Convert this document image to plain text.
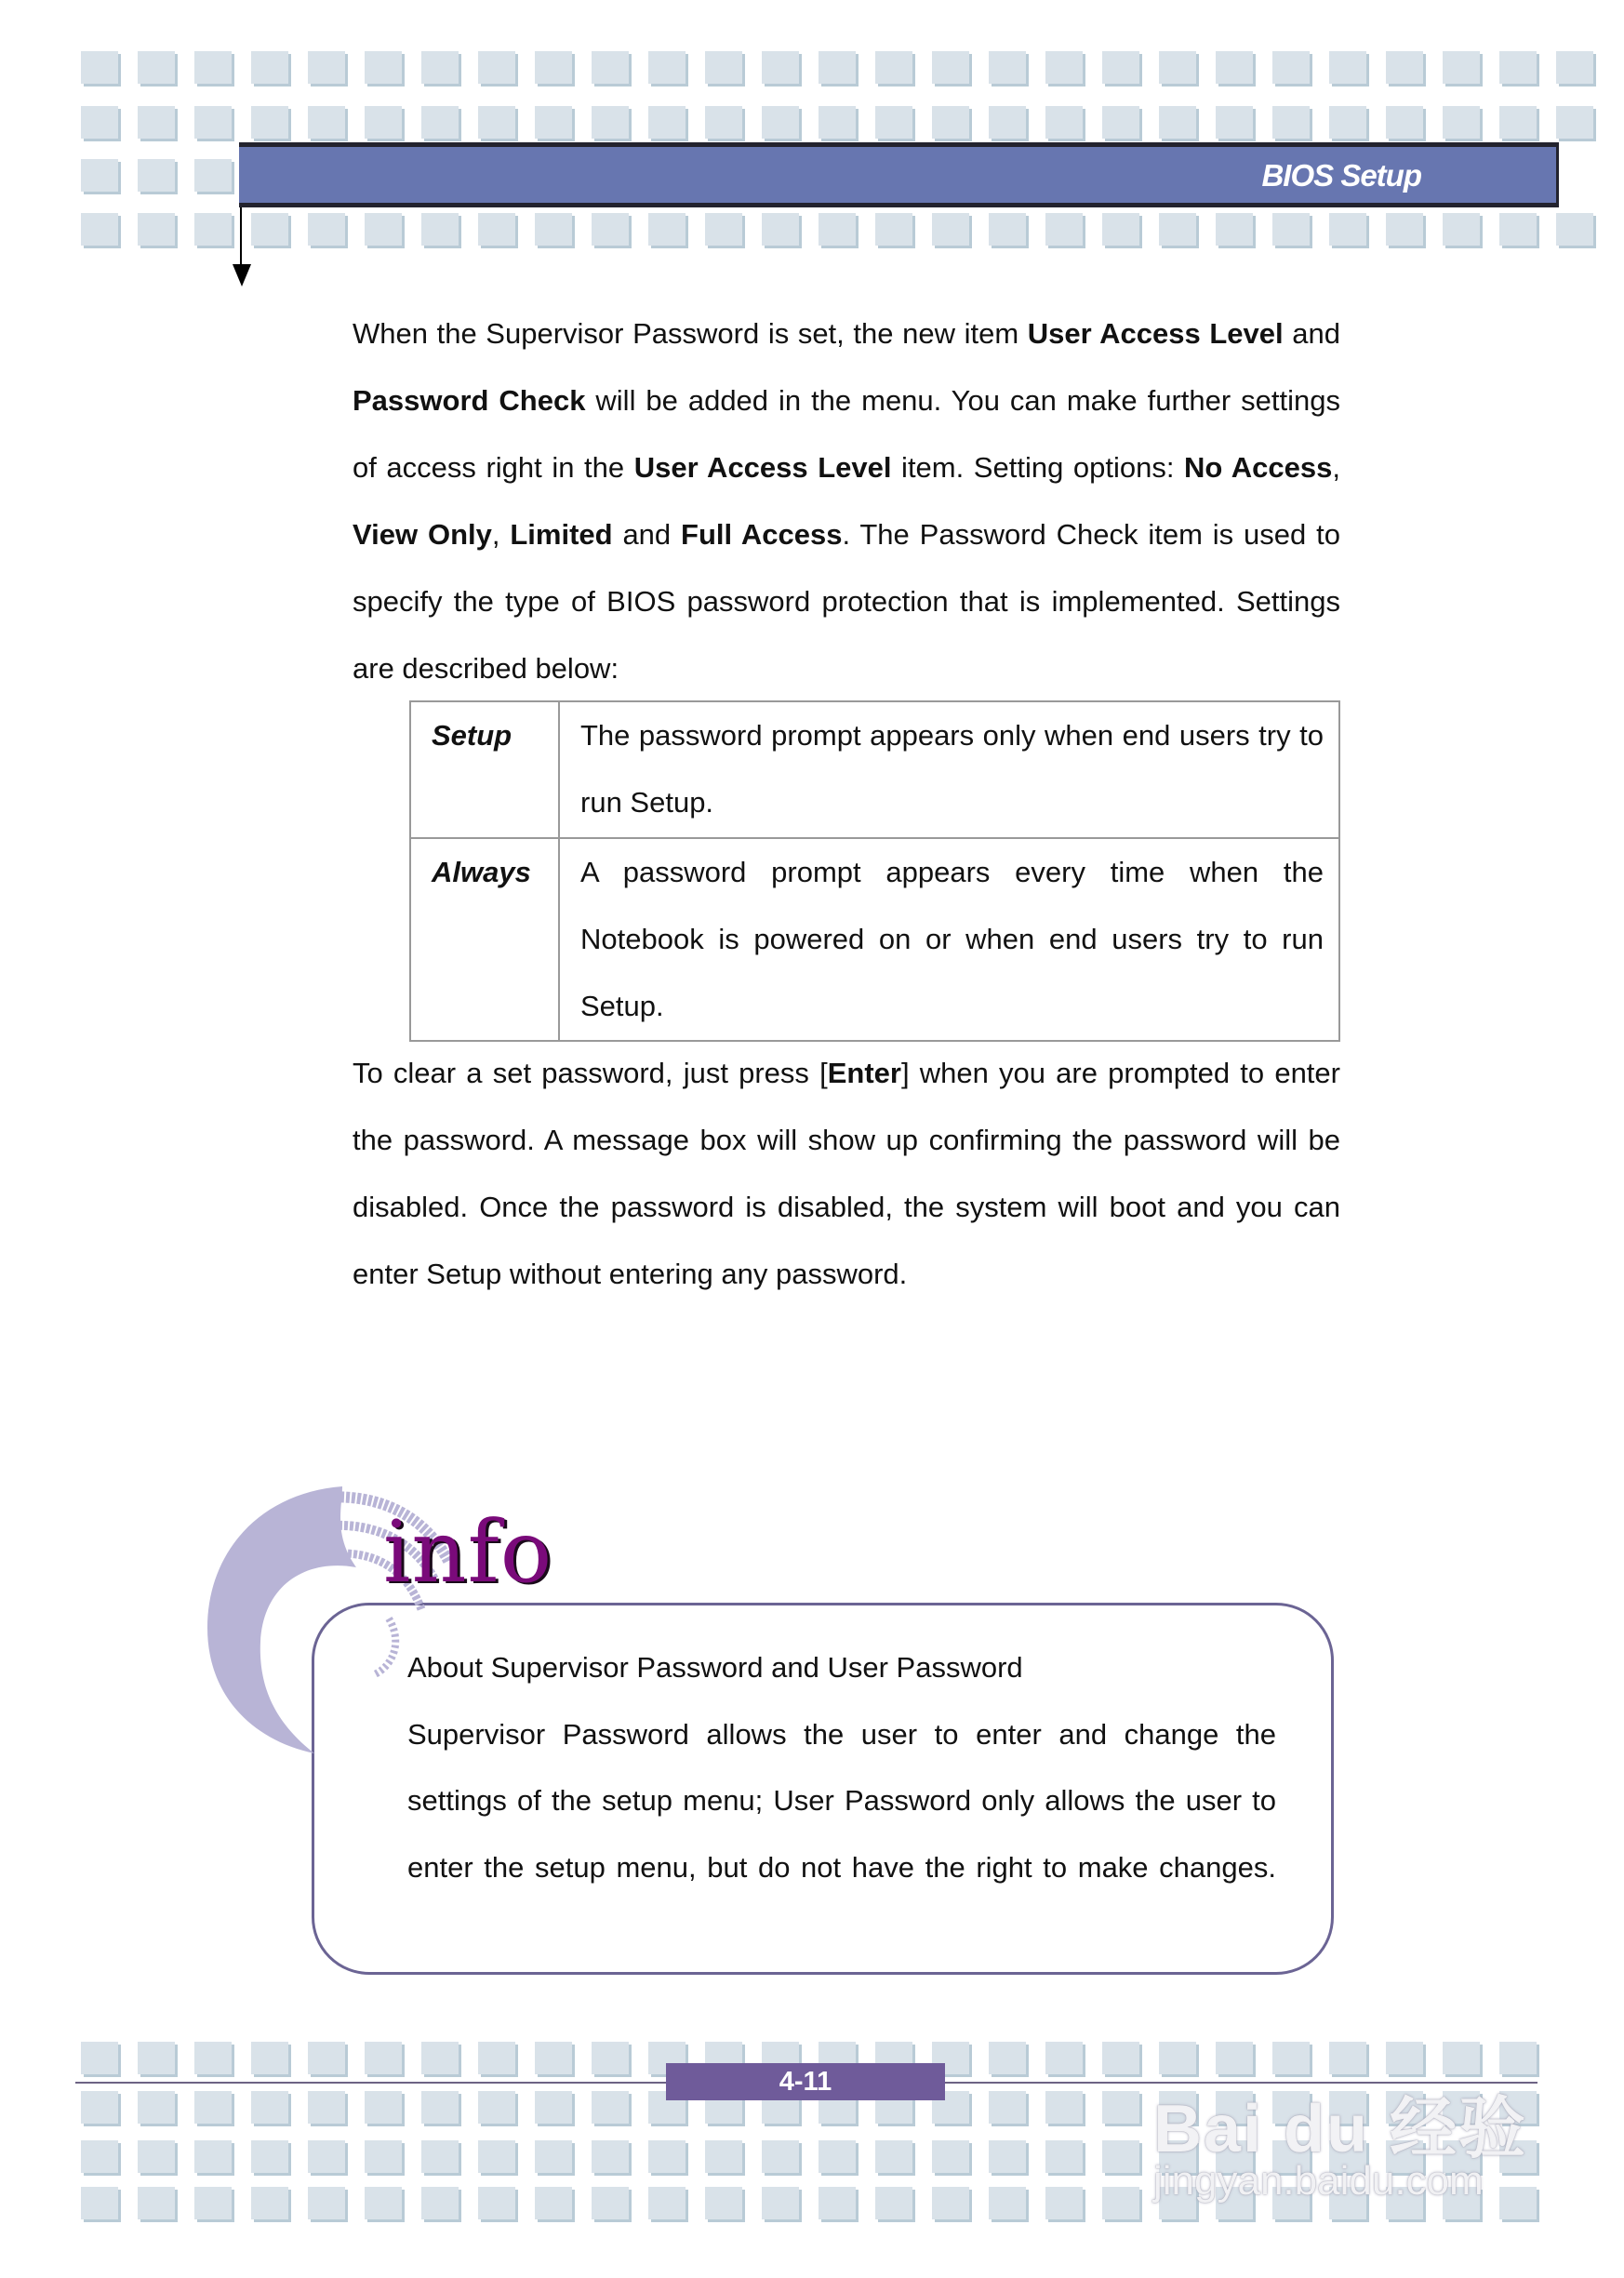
BIOS Setup

When the Supervisor Password is set, the new item User Access Level and Password Check will be added in the menu. You can make further settings of access right in the User Access Level item. Setting options: No Access, View Only, Limited and Full Access. The Password Check item is used to specify the type of BIOS password protection that is implemented. Settings are described below:

Setup	The password prompt appears only when end users try to run Setup.
Always	A password prompt appears every time when the Notebook is powered on or when end users try to run Setup.

To clear a set password, just press [Enter] when you are prompted to enter the password. A message box will show up confirming the password will be disabled. Once the password is disabled, the system will boot and you can enter Setup without entering any password.

info
About Supervisor Password and User Password
Supervisor Password allows the user to enter and change the
settings of the setup menu; User Password only allows the user to
enter the setup menu, but do not have the right to make changes.
4-11
Bai du 经验
jingyan.baidu.com
